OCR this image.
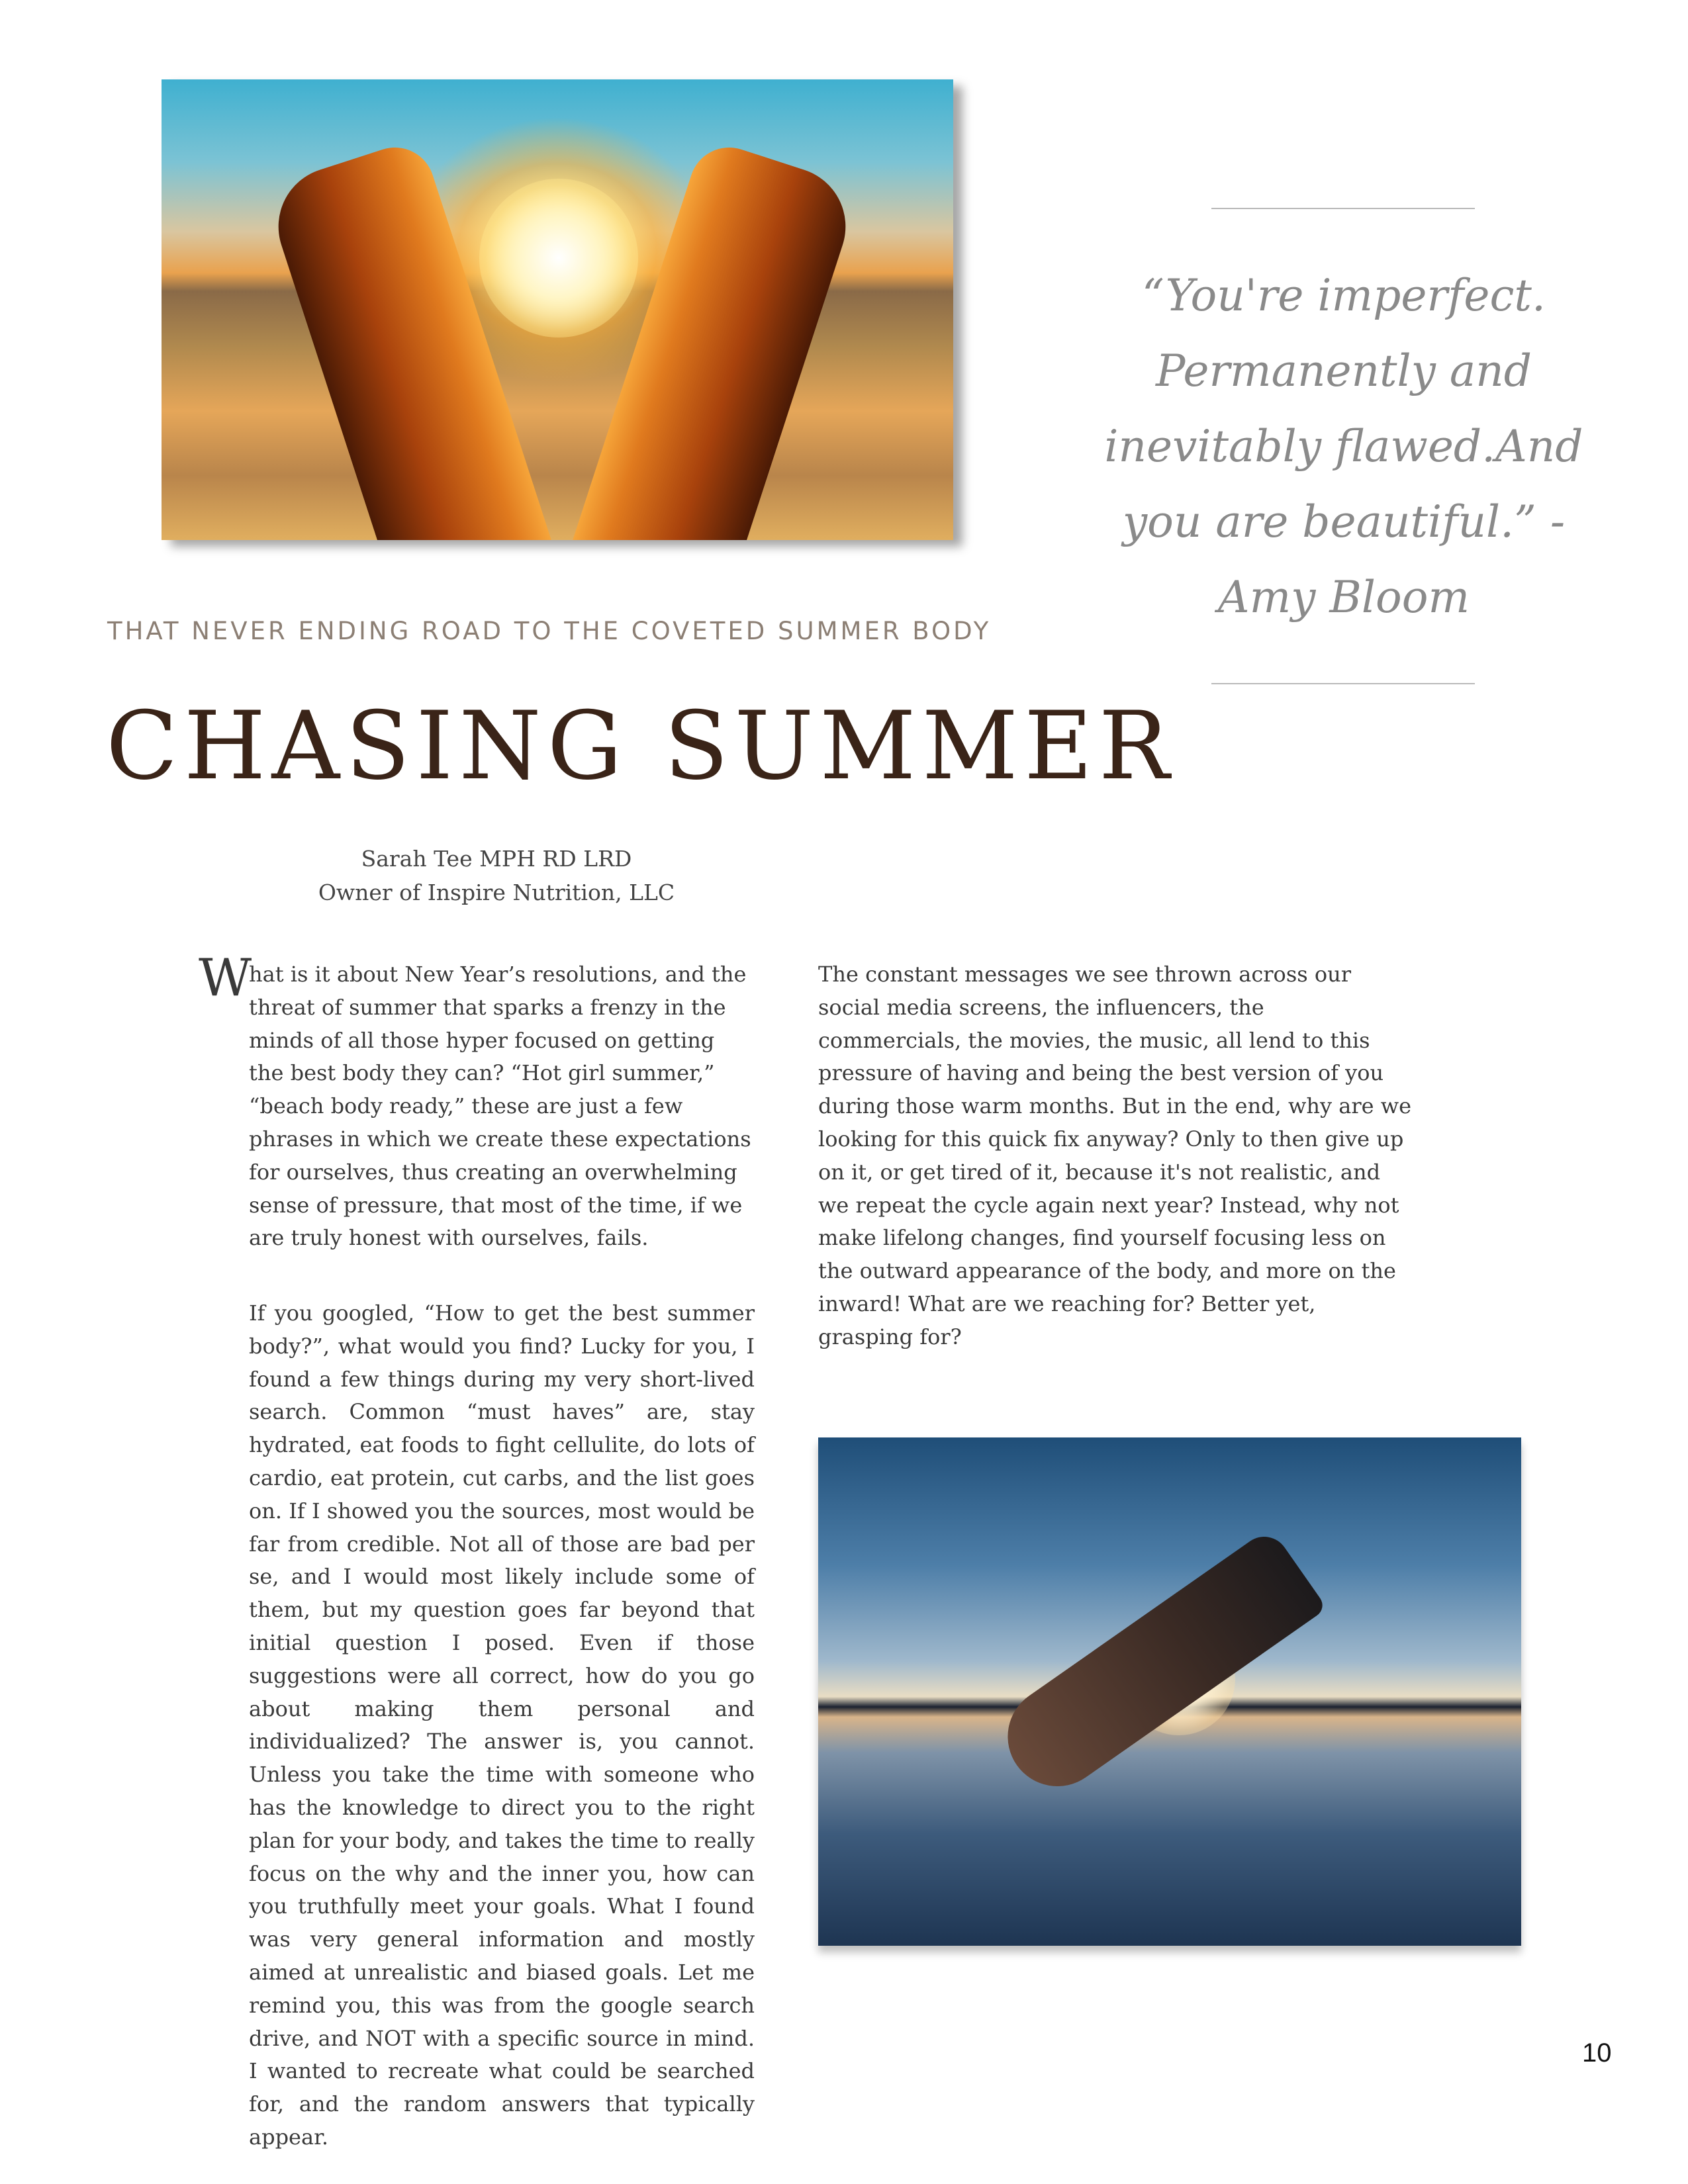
“You're imperfect. Permanently and inevitably flawed.And you are beautiful.” - Amy Bloom
THAT NEVER ENDING ROAD TO THE COVETED SUMMER BODY
CHASING SUMMER
Sarah Tee MPH RD LRD
Owner of Inspire Nutrition, LLC
W
hat is it about New Year’s resolutions, and the threat of summer that sparks a frenzy in the minds of all those hyper focused on getting the best body they can? “Hot girl summer,” “beach body ready,” these are just a few phrases in which we create these expectations for ourselves, thus creating an overwhelming sense of pressure, that most of the time, if we are truly honest with ourselves, fails.
If you googled, “How to get the best summer body?”, what would you find? Lucky for you, I found a few things during my very short-lived search. Common “must haves” are, stay hydrated, eat foods to fight cellulite, do lots of cardio, eat protein, cut carbs, and the list goes on. If I showed you the sources, most would be far from credible. Not all of those are bad per se, and I would most likely include some of them, but my question goes far beyond that initial question I posed. Even if those suggestions were all correct, how do you go about making them personal and individualized? The answer is, you cannot. Unless you take the time with someone who has the knowledge to direct you to the right plan for your body, and takes the time to really focus on the why and the inner you, how can you truthfully meet your goals. What I found was very general information and mostly aimed at unrealistic and biased goals. Let me remind you, this was from the google search drive, and NOT with a specific source in mind. I wanted to recreate what could be searched for, and the random answers that typically appear.
The constant messages we see thrown across our social media screens, the influencers, the commercials, the movies, the music, all lend to this pressure of having and being the best version of you during those warm months. But in the end, why are we looking for this quick fix anyway? Only to then give up on it, or get tired of it, because it's not realistic, and we repeat the cycle again next year? Instead, why not make lifelong changes, find yourself focusing less on the outward appearance of the body, and more on the inward! What are we reaching for? Better yet, grasping for?
10
